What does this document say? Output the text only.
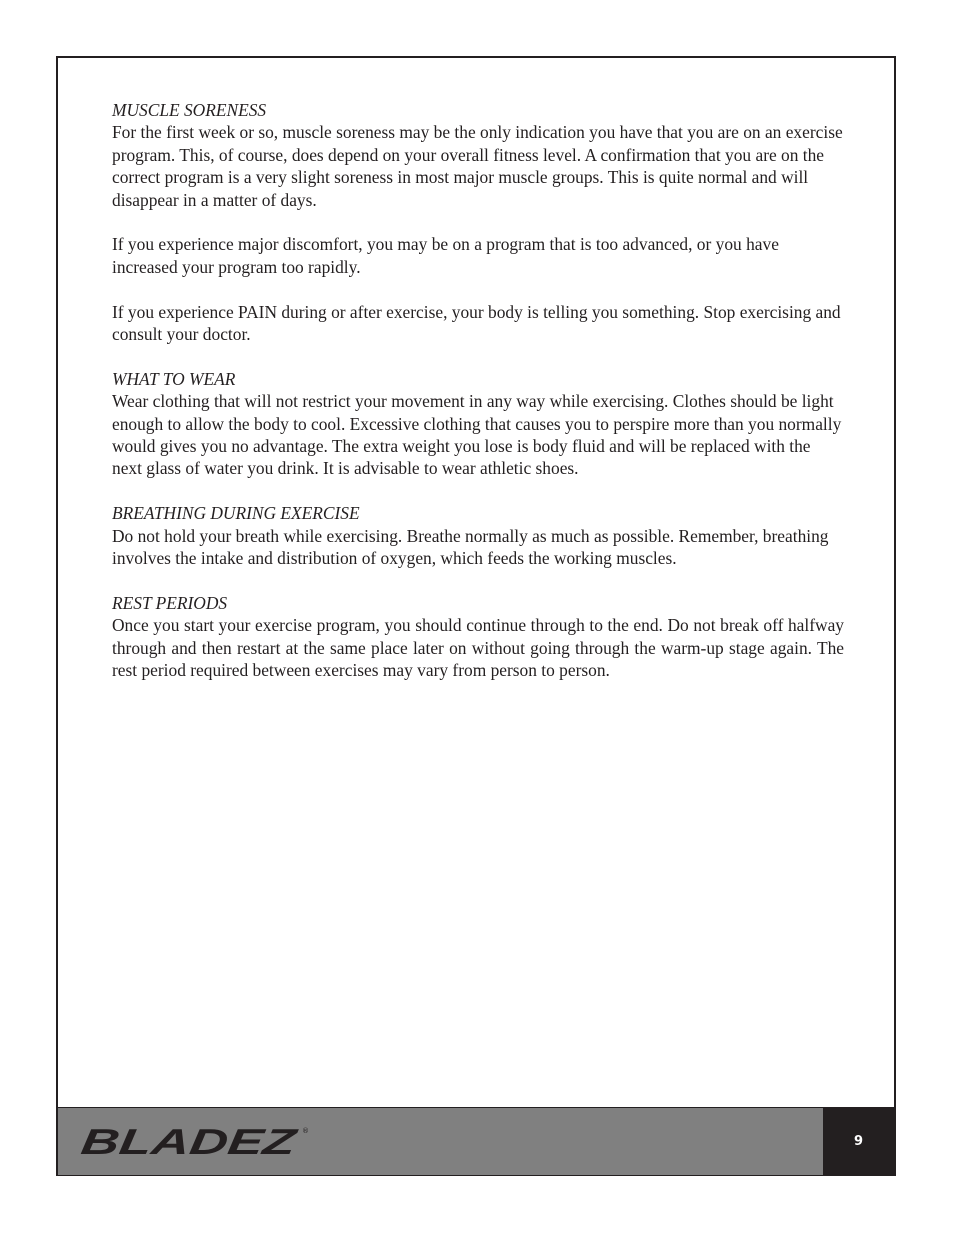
BLADEZ	®
9

MUSCLE SORENESS

For the first week or so, muscle soreness may be the only indication you have that you are on an exercise program. This, of course, does depend on your overall fitness level. A confirmation that you are on the correct program is a very slight soreness in most major muscle groups. This is quite normal and will disappear in a matter of days.

If you experience major discomfort, you may be on a program that is too advanced, or you have increased your program too rapidly.

If you experience PAIN during or after exercise, your body is telling you something. Stop exercising and consult your doctor.

WHAT TO WEAR

Wear clothing that will not restrict your movement in any way while exercising. Clothes should be light enough to allow the body to cool. Excessive clothing that causes you to perspire more than you normally would gives you no advantage. The extra weight you lose is body fluid and will be replaced with the next glass of water you drink. It is advisable to wear athletic shoes.

BREATHING DURING EXERCISE

Do not hold your breath while exercising. Breathe normally as much as possible. Remember, breathing involves the intake and distribution of oxygen, which feeds the working muscles.

REST PERIODS

Once you start your exercise program, you should continue through to the end. Do not break off halfway through and then restart at the same place later on without going through the warm-up stage again. The rest period required between exercises may vary from person to person.
